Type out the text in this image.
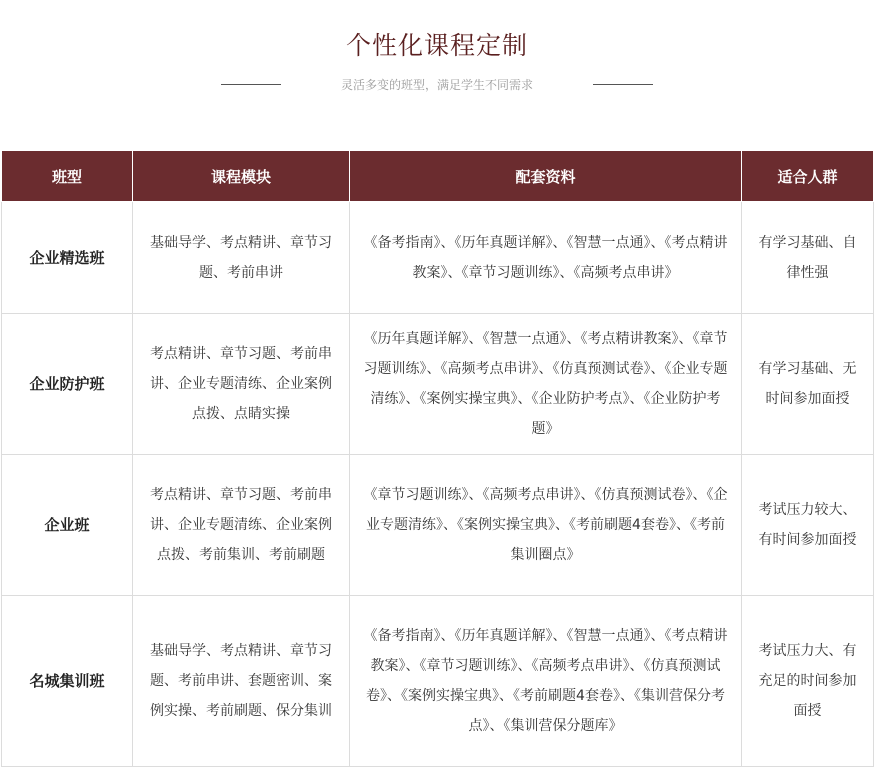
个性化课程定制
灵活多变的班型，满足学生不同需求
班型	课程模块	配套资料	适合人群
企业精选班	基础导学、考点精讲、章节习题、考前串讲	《备考指南》、《历年真题详解》、《智慧一点通》、《考点精讲教案》、《章节习题训练》、《高频考点串讲》	有学习基础、自律性强
企业防护班	考点精讲、章节习题、考前串讲、企业专题清练、企业案例点拨、点睛实操	《历年真题详解》、《智慧一点通》、《考点精讲教案》、《章节习题训练》、《高频考点串讲》、《仿真预测试卷》、《企业专题清练》、《案例实操宝典》、《企业防护考点》、《企业防护考题》	有学习基础、无时间参加面授
企业班	考点精讲、章节习题、考前串讲、企业专题清练、企业案例点拨、考前集训、考前刷题	《章节习题训练》、《高频考点串讲》、《仿真预测试卷》、《企业专题清练》、《案例实操宝典》、《考前刷题4套卷》、《考前集训圈点》	考试压力较大、有时间参加面授
名城集训班	基础导学、考点精讲、章节习题、考前串讲、套题密训、案例实操、考前刷题、保分集训	《备考指南》、《历年真题详解》、《智慧一点通》、《考点精讲教案》、《章节习题训练》、《高频考点串讲》、《仿真预测试卷》、《案例实操宝典》、《考前刷题4套卷》、《集训营保分考点》、《集训营保分题库》	考试压力大、有充足的时间参加面授
